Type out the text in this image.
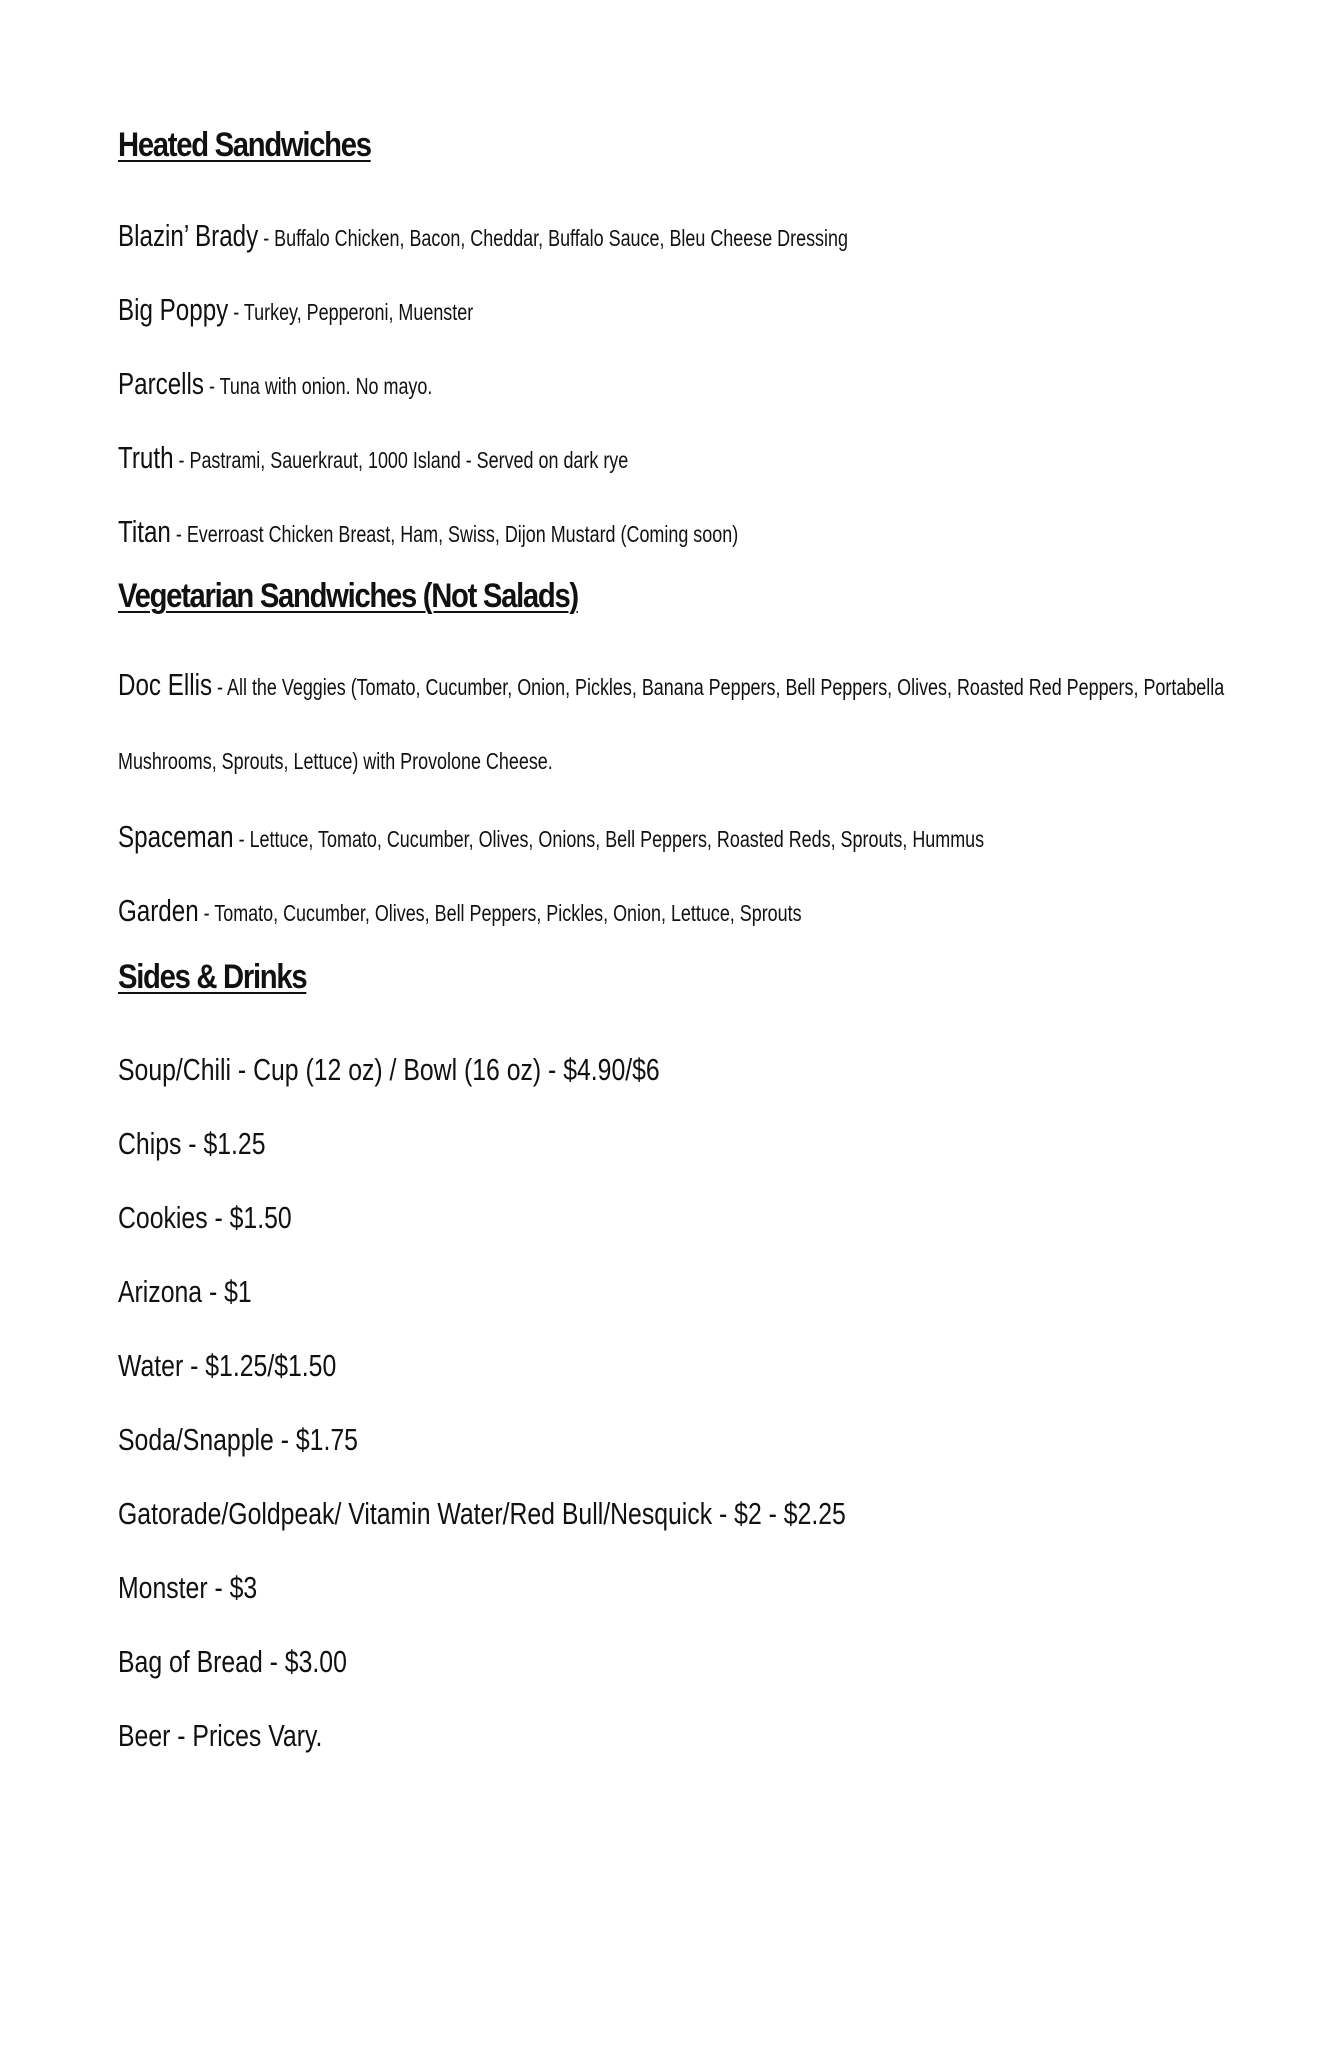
Heated Sandwiches

Blazin’ Brady - Buffalo Chicken, Bacon, Cheddar, Buffalo Sauce, Bleu Cheese Dressing

Big Poppy - Turkey, Pepperoni, Muenster

Parcells - Tuna with onion. No mayo.

Truth - Pastrami, Sauerkraut, 1000 Island - Served on dark rye

Titan - Everroast Chicken Breast, Ham, Swiss, Dijon Mustard (Coming soon)

Vegetarian Sandwiches (Not Salads)

Doc Ellis - All the Veggies (Tomato, Cucumber, Onion, Pickles, Banana Peppers, Bell Peppers, Olives, Roasted Red Peppers, Portabella Mushrooms, Sprouts, Lettuce) with Provolone Cheese.

Spaceman - Lettuce, Tomato, Cucumber, Olives, Onions, Bell Peppers, Roasted Reds, Sprouts, Hummus

Garden - Tomato, Cucumber, Olives, Bell Peppers, Pickles, Onion, Lettuce, Sprouts

Sides & Drinks

Soup/Chili - Cup (12 oz) / Bowl (16 oz) - $4.90/$6

Chips - $1.25

Cookies - $1.50

Arizona - $1

Water - $1.25/$1.50

Soda/Snapple - $1.75

Gatorade/Goldpeak/ Vitamin Water/Red Bull/Nesquick - $2 - $2.25

Monster - $3

Bag of Bread - $3.00

Beer - Prices Vary.
